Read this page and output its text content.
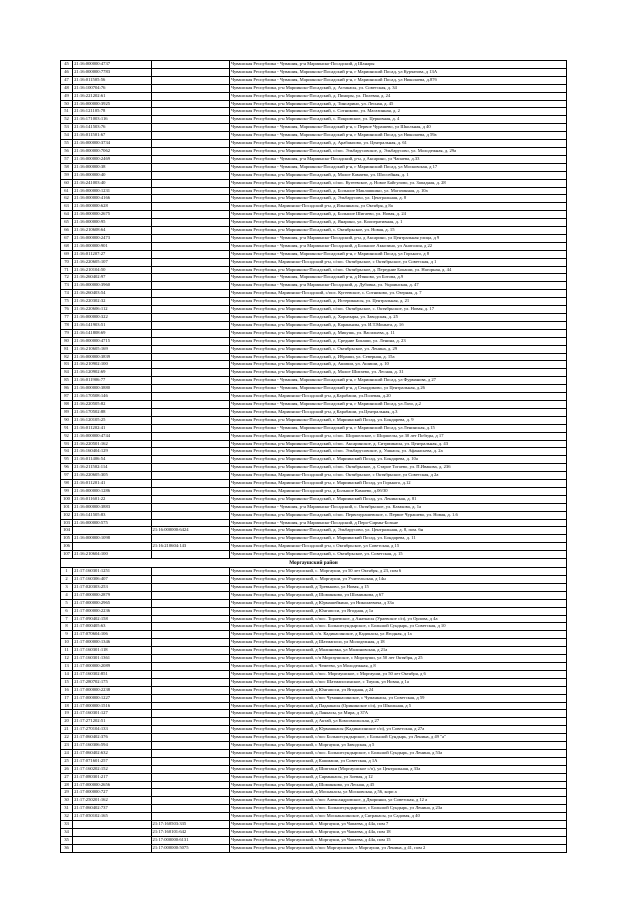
45	21:16:000000:4737		Чувашская Республика - Чувашия, р-н Мариинско-Посадский, д Шанары
46	21:16:000000:7783		Чувашская Республика - Чувашия, Мариинско-Посадский р-н, г Мариинский Посад, ул Курчатова, д 13А
47	21:16:011505:56		Чувашская Республика - Чувашия, Мариинско-Посадский р-н, г Мариинский Посад, ул Николаева, д.87б
48	21:16:100704:76		Чувашская Республика, р-н Мариинско-Посадский, д. Астакасы, ул. Советская, д. 34
49	21:16:221202:61		Чувашская Республика, р-н Мариинско-Посадский, д. Пиноры, ул. Полевая, д. 24
50	21:16:000000:3925		Чувашская Республика, р-н Мариинско-Посадский, д. Тинсарино, ул. Лесная, д. 45
51	21:16:121105:78		Чувашская Республика, р-н Мариинско-Посадский, с. Сотниково, ул. Магазинная, д. 2
52	21:16:171003:116		Чувашская Республика, р-н Мариинско-Посадский, с. Покровское, ул. Церковная, д. 4
53	21:16:141503:76		Чувашская Республика - Чувашия, Мариинско-Посадский р-н, с Первое Чурашево, ул Школьная, д 40
54	21:16:011501:67		Чувашская Республика - Чувашия, Мариинско-Посадский р-н, г Мариинский Посад, ул Николаева, д 59а
55	21:16:000000:3734		Чувашская Республика, р-н Мариинско-Посадский, д. Арабакпово, ул. Центральная, д. 61
56	21:16:000000:7062		Чувашская Республика, р-н Мариинско-Посадский, с/пос. Эльбарусовское, д. Эльбарусово, ул. Молодежная, д. 29а
57	21:16:000000:2469		Чувашская Республика - Чувашия, р-н Мариинско-Посадский, р-н, д Аксарино, ул Чапаева, д.33
58	21:16:000000:38		Чувашская Республика - Чувашия, Мариинско-Посадский р-н, г Мариинский Посад, ул Московская, д 17
59	21:16:000000:40		Чувашская Республика, р-н Мариинско-Посадский, д. Малое Камаево, ул. Шоссейная, д. 1
60	21:16:241003:40		Чувашская Республика, р-н Мариинско-Посадский, с/пос. Кугеевское, д. Новое Байгулово, ул. Западная, д. 28
61	21:16:000000:1231		Чувашская Республика, р-н Мариинско-Посадский, д. Большое Маклашкино, ул. Магазинная, д. 10а
62	21:16:000000:4166		Чувашская Республика, р-н Мариинско-Посадский, д. Эльбарусово, ул. Центральная, д. 8
63	21:16:000000:628		Чувашская Республика, Мариинско-Посадский р-н, д Ильинкасы, ул Октября, д 8а
64	21:16:000000:2675		Чувашская Республика, р-н Мариинско-Посадский, д. Большое Шигаево, ул. Новая, д. 24
65	21:16:000000:95		Чувашская Республика, р-н Мариинско-Посадский, д. Янарино, ул. Кооперативная, д. 1
66	21:16:210608:64		Чувашская Республика, р-н Мариинско-Посадский, с. Октябрьское, ул. Новая, д. 15
67	21:16:000000:2473		Чувашская Республика - Чувашия, р-н Мариинско-Посадский, р-н, д Аксарино, ул Центральная улица, д 9
68	21:16:000000:901		Чувашская Республика - Чувашия, р-н Мариинско-Посадский, д Большое Аккозино, ул Анатолия, д 22
69	21:16:011207:27		Чувашская Республика - Чувашия, Мариинско-Посадский р-н, г Мариинский Посад, ул Горького, д 8
70	21:16:220605:107		Чувашская Республика, Мариинско-Посадский р-н, с/пос. Октябрьское, с Октябрьское, ул Советская, д 1
71	21:16:210104:50		Чувашская Республика, р-н Мариинско-Посадский, с/пос. Октябрьское, д. Передние Бокаши, ул. Нагорная, д. 44
72	21:16:260402:97		Чувашская Республика - Чувашия, Мариинско-Посадский р-н, д Итяково, ул Ботова, д.9
73	21:16:000000:3960		Чувашская Республика - Чувашия, р-н Мариинско-Посадский, д. Дубовка, ул. Украинская, д. 47
74	21:16:260403:54		Чувашская Республика, Мариинско-Посадский, с/пос. Кугеевское, с. Сотниково, ул. Озерная, д. 7
75	21:16:220302:32		Чувашская Республика, р-н Мариинско-Посадский, д. Истериккасы, ул. Центральная, д. 21
76	21:16:220606:112		Чувашская Республика, р-н Мариинско-Посадский, с/пос. Октябрьское, с. Октябрьское, ул. Новая, д. 17
77	21:16:000000:322		Чувашская Республика, р-н Мариинско-Посадский, д. Хорнзыры, ул. Заводская, д. 25
78	21:16:141903:51		Чувашская Республика, р-н Мариинско-Посадский, д. Караньялы, ул. И.Т.Моныта, д. 1б
79	21:16:141808:69		Чувашская Республика, р-н Мариинско-Посадский, д. Микушь, ул. Васильева, д. 11
80	21:16:000000:4715		Чувашская Республика, р-н Мариинско-Посадский, д. Средние Бокаши, ул. Ленина, д. 23
81	21:16:210605:169		Чувашская Республика, р-н Мариинско-Посадский, с. Октябрьское, ул. Ленина, д. 29
82	21:16:000000:3839		Чувашская Республика, р-н Мариинско-Посадский, д. Ибраши, ул. Северная, д. 15а
83	21:16:210902:100		Чувашская Республика, р-н Мариинско-Посадский, д. Ашиши, ул. Ашиши, д. 10
84	21:16:120902:69		Чувашская Республика, р-н Мариинско-Посадский, д. Малое Шигаево, ул. Лесная, д. 31
85	21:16:011906:77		Чувашская Республика - Чувашия, Мариинско-Посадский р-н, г Мариинский Посад, ул Фурманова, д 27
86	21:16:000000:3880		Чувашская Республика - Чувашия, Мариинско-Посадский р-н, д Сенцдиково, ул Центральная, д.26
87	21:16:170508:146		Чувашская Республика, Мариинско-Посадский р-н, д.Карабаши, ул.Полевая, д.20
88	21:16:220505:82		Чувашская Республика - Чувашия, Мариинско-Посадский р-н, г Мариинский Посад, ул Лазо, д.2
89	21:16:170502:88		Чувашская Республика, Мариинско-Посадский р-н, д Карабаши, ул.Центральная, д.3
90	21:16:120105:25		Чувашская Республика, р-н Мариинско-Посадский, г. Мариинский Посад, ул. Бондарева, д. 9
91	21:16:011202:41		Чувашская Республика - Чувашия, Мариинско-Посадский р-н, г Мариинский Посад, ул Ленинская, д.15
92	21:16:000000:4744		Чувашская Республика, Мариинско-Посадский р-н, с/пос. Шоршелское, с Шоршелы, ул 30 лет Победы, д 17
93	21:16:220501:162		Чувашская Республика, р-н Мариинско-Посадский, с/пос. Аксаринское, д. Ситрмикасы, ул. Центральная, д. 43
94	21:16:160404:129		Чувашская Республика, р-н Мариинско-Посадский, с/пос. Эльбарусовское, д. Ушкасы, ул. Афанасьева, д. 2а
95	21:16:011406:54		Чувашская Республика, р-н Мариинско-Посадский, г. Мариинский Посад, ул. Бондарева, д. 10а
96	21:16:211502:114		Чувашская Республика, р-н Мариинско-Посадский, с/пос. Октябрьское, д. Старое Тогаево, ул. П.Ивакова, д. 236
97	21:16:220605:305		Чувашская Республика, Мариинско-Посадский р-н, с/пос. Октябрьское, с Октябрьское, ул Советская, д 2а
98	21:16:011201:41		Чувашская Республика, Мариинско-Посадский р-н, г. Мариинский Посад, ул Горького, д.12
99	21:16:000000:1286		Чувашская Республика, Мариинско-Посадский р-н, д Большое Камаево, д.0б/30
100	21:16:011601:22		Чувашская Республика, р-н Мариинско-Посадский, г. Мариинский Посад, ул. Ленинская, д. 81
101	21:16:000000:3883		Чувашская Республика - Чувашия, р-н Мариинско-Посадский, с. Октябрьское, ул. Казакова, д. 1а
102	21:16:141505:83		Чувашская Республика, р-н Мариинско-Посадский, с/пос. Первочурашевское, с. Первое Чурашево, ул. Новая, д. 1.6
103	21:16:000000:575		Чувашская Республика - Чувашия, р-н Мариинско-Посадский, д Перо-Сирмы-Бозьне
104		21:16:000000:6424	Чувашская Республика, р-н Мариинско-Посадский, д. Эльбарусово, ул. Центральная, д. 8, пом. 6н
105	21:16:000000:1098		Чувашская Республика, р-н Мариинско-Посадский, г. Мариинский Посад, ул. Бондарева, д. 11
106		21:16:210604:143	Чувашская Республика, Мариинско-Посадский р-н, с Октябрьское, ул Советская, д 15
107	21:16:210604:100		Чувашская Республика, р-н Мариинско-Посадский, с. Октябрьское, ул. Советская, д. 15
Моргаушский район			
1	21:17:160301:1251		Чувашская Республика, р-н Моргаушский, с. Моргауши, ул 50 лет Октября, д 23, пом 6
2	21:17:160306:407		Чувашская Республика, р-н Моргаушский, с. Моргауши, ул Учительская, д 14н
3	21:17:020303:253		Чувашская Республика, р-н Моргаушский, д Тревьково, ул Новая, д 15
4	21:17:000000:2879		Чувашская Республика, р-н Моргаушский, д Шоминково, ул Шоминкова, д 67
5	21:17:000000:2965		Чувашская Республика, р-н Моргаушский, д Юрмашейкино, ул Николаевича, д 33а
6	21:17:000000:2236		Чувашская Республика, р-н Моргаушский, д Юнгапоси, ул Ягодная, д 1а
7	21:17:090402:158		Чувашская Республика, р-н Моргаушский, с/пос. Тораевское, д Анаткасы (Ураевское с/п), ул Орлова, д 4а
8	21:17:000405:63		Чувашская Республика, р-н Моргаушский, с/пос. Большесундырское, с Большой Сундырь, ул Советская, д 10
9	21:17:070604:106		Чувашская Республика, р-н Моргаушский, с/п. Кадикасинское, д Кадикасы, ул Ягодная, д 1а
10	21:17:000000:1346		Чувашская Республика, р-н Моргаушский, д Шатмапоси, ул Молодежная, д 18
11	21:17:160301:118		Чувашская Республика, р-н Моргаушский, д Малиновка, ул Малиновская, д 21а
12	21:17:160301:1361		Чувашская Республика, р-н Моргаушский, с/п Моргаушское, с Моргауши, ул 50 лет Октября, д 25
13	21:17:000000:2089		Чувашская Республика, р-н Моргаушский, с Чемеево, ул Молодежная, д 8
14	21:17:160302:851		Чувашская Республика, р-н Моргаушский, с/пос. Моргаушское, с Моргауши, ул 50 лет Октября, д 6
15	21:17:280702:175		Чувашская Республика, р-н Моргаушский, с/пос Шатмапосинское, с Тиушк, ул Новая, д 1а
16	21:17:000000:2238		Чувашская Республика, р-н Моргаушский, д Юнгапоси, ул Ягодная, д 24
17	21:17:000000:1227		Чувашская Республика, р-н Моргаушский, с/пос Чуманкасинское, с Чуманкасы, ул Советская, д 59
18	21:17:000000:1516		Чувашская Республика, р-н Моргаушский, д Падаикасы (Орининское с/п), ул Школьная, д 5
19	21:17:160301:127		Чувашская Республика, р-н Моргаушский, д Ланкасы, ул Мира, д 37А
20	21:17:271202:51		Чувашская Республика, р-н Моргаушский, д Актай, ул Комсомольская, д 27
21	21:17:270104:133		Чувашская Республика, р-н Моргаушский, д Юрмашкасы (Кадикасинское с/п), ул Советская, д 27а
22	21:17:060402:376		Чувашская Республика, р-н Моргаушский, с/пос Большесундырское, с Большой Сундырь, ул Ленина, д 49 "а"
23	21:17:160306:594		Чувашская Республика, р-н Моргаушский, с Моргауши, ул Заводская, д 5
24	21:17:060402:632		Чувашская Республика, р-н Моргаушский, с/пос. Большесундырское, с Большой Сундырь, ул Ленина, д 53а
25	21:17:071601:257		Чувашская Республика, р-н Моргаушский, д Кашмаши, ул Советская, д 1А
26	21:17:160202:152		Чувашская Республика, р-н Моргаушский, д Шиптаки (Моргаушское с/п), ул Центральная, д 33а
27	21:17:080301:217		Чувашская Республика, р-н Моргаушский, д Сярмыкасы, ул Зоевая, д 12
28	21:17:000000:2656		Чувашская Республика, р-н Моргаушский, д Шоминково, ул Лесная, д 45
29	21:17:000000:727		Чувашская Республика, р-н Моргаушский, д Москакасы, ул Московская, д 56, корп а
30	21:17:250201:162		Чувашская Республика, р-н Моргаушский, с/пос Александровское, д Дворинки, ул Советская, д 12 а
31	21:17:060402:737		Чувашская Республика, р-н Моргаушский, с/пос. Большесундырское, с Большой Сундырь, ул Ленина, д 23а
32	21:17:050102:165		Чувашская Республика, р-н Моргаушский, с/пос Москакасинское, д Сятракасы, ул Садовая, д 40
33		21:17:160503:335	Чувашская Республика, р-н Моргаушский, с Моргауши, ул Чапаева, д 44а, пом 7
34		21:17:160101:642	Чувашская Республика, р-н Моргаушский, с Моргауши, ул Чапаева, д 44а, пом 18
35		21:17:000000:6131	Чувашская Республика, р-н Моргаушский, с Моргауши, ул Чапаева, д 44а, пом 15
36		21:17:000000:5075	Чувашская Республика, р-н Моргаушский, с/пос Моргаушское, с Моргауши, ул Ленина, д 41, пом 2
